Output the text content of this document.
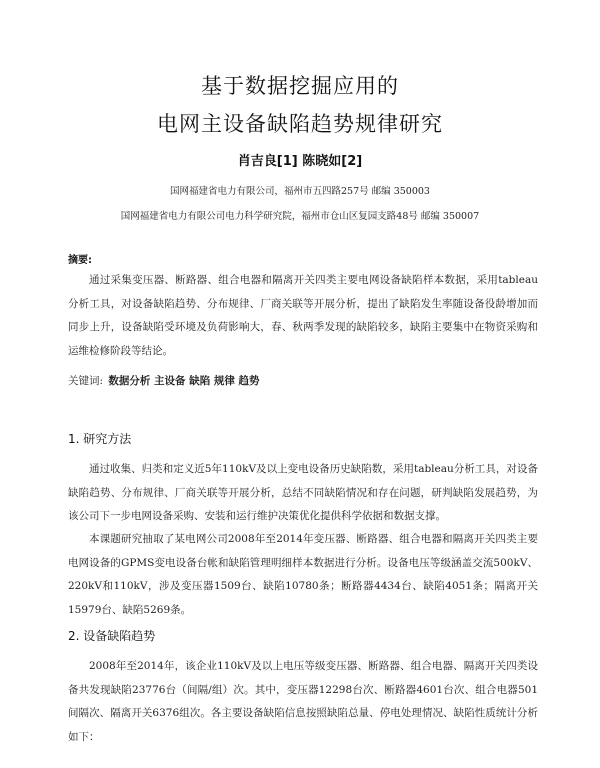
基于数据挖掘应用的
电网主设备缺陷趋势规律研究
肖吉良[1] 陈晓如[2]
国网福建省电力有限公司，福州市五四路257号 邮编 350003
国网福建省电力有限公司电力科学研究院，福州市仓山区复园支路48号 邮编 350007
摘要:

通过采集变压器、断路器、组合电器和隔离开关四类主要电网设备缺陷样本数据，采用tableau分析工具，对设备缺陷趋势、分布规律、厂商关联等开展分析，提出了缺陷发生率随设备役龄增加而同步上升，设备缺陷受环境及负荷影响大，春、秋两季发现的缺陷较多，缺陷主要集中在物资采购和运维检修阶段等结论。

关键词: 数据分析 主设备 缺陷 规律 趋势
1. 研究方法

通过收集、归类和定义近5年110kV及以上变电设备历史缺陷数，采用tableau分析工具，对设备缺陷趋势、分布规律、厂商关联等开展分析，总结不同缺陷情况和存在问题，研判缺陷发展趋势，为该公司下一步电网设备采购、安装和运行维护决策优化提供科学依据和数据支撑。

本课题研究抽取了某电网公司2008年至2014年变压器、断路器、组合电器和隔离开关四类主要电网设备的GPMS变电设备台帐和缺陷管理明细样本数据进行分析。设备电压等级涵盖交流500kV、220kV和110kV，涉及变压器1509台、缺陷10780条；断路器4434台、缺陷4051条；隔离开关15979台、缺陷5269条。

2. 设备缺陷趋势

2008年至2014年，该企业110kV及以上电压等级变压器、断路器、组合电器、隔离开关四类设备共发现缺陷23776台（间隔/组）次。其中，变压器12298台次、断路器4601台次、组合电器501间隔次、隔离开关6376组次。各主要设备缺陷信息按照缺陷总量、停电处理情况、缺陷性质统计分析如下：
